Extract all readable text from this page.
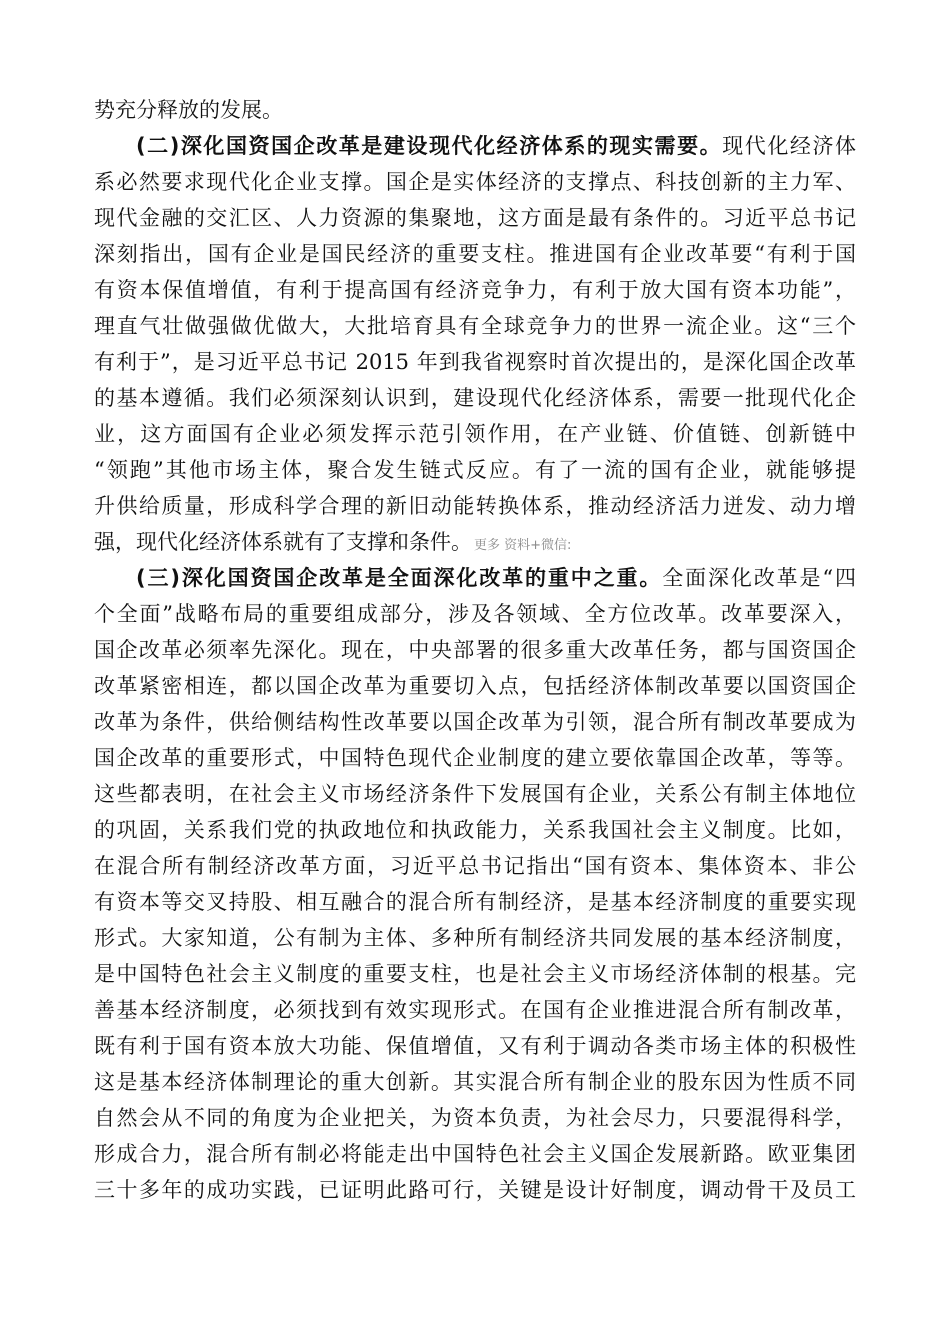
势充分释放的发展。
(二)深化国资国企改革是建设现代化经济体系的现实需要。现代化经济体
系必然要求现代化企业支撑。国企是实体经济的支撑点、科技创新的主力军、
现代金融的交汇区、人力资源的集聚地，这方面是最有条件的。习近平总书记
深刻指出，国有企业是国民经济的重要支柱。推进国有企业改革要“有利于国
有资本保值增值，有利于提高国有经济竞争力，有利于放大国有资本功能”，
理直气壮做强做优做大，大批培育具有全球竞争力的世界一流企业。这“三个
有利于”，是习近平总书记 2015 年到我省视察时首次提出的，是深化国企改革
的基本遵循。我们必须深刻认识到，建设现代化经济体系，需要一批现代化企
业，这方面国有企业必须发挥示范引领作用，在产业链、价值链、创新链中
“领跑”其他市场主体，聚合发生链式反应。有了一流的国有企业，就能够提
升供给质量，形成科学合理的新旧动能转换体系，推动经济活力迸发、动力增
强，现代化经济体系就有了支撑和条件。 更多 资料+微信:
(三)深化国资国企改革是全面深化改革的重中之重。全面深化改革是“四
个全面”战略布局的重要组成部分，涉及各领域、全方位改革。改革要深入，
国企改革必须率先深化。现在，中央部署的很多重大改革任务，都与国资国企
改革紧密相连，都以国企改革为重要切入点，包括经济体制改革要以国资国企
改革为条件，供给侧结构性改革要以国企改革为引领，混合所有制改革要成为
国企改革的重要形式，中国特色现代企业制度的建立要依靠国企改革，等等。
这些都表明，在社会主义市场经济条件下发展国有企业，关系公有制主体地位
的巩固，关系我们党的执政地位和执政能力，关系我国社会主义制度。比如，
在混合所有制经济改革方面，习近平总书记指出“国有资本、集体资本、非公
有资本等交叉持股、相互融合的混合所有制经济，是基本经济制度的重要实现
形式。大家知道，公有制为主体、多种所有制经济共同发展的基本经济制度，
是中国特色社会主义制度的重要支柱，也是社会主义市场经济体制的根基。完
善基本经济制度，必须找到有效实现形式。在国有企业推进混合所有制改革，
既有利于国有资本放大功能、保值增值，又有利于调动各类市场主体的积极性
这是基本经济体制理论的重大创新。其实混合所有制企业的股东因为性质不同
自然会从不同的角度为企业把关，为资本负责，为社会尽力，只要混得科学，
形成合力，混合所有制必将能走出中国特色社会主义国企发展新路。欧亚集团
三十多年的成功实践，已证明此路可行，关键是设计好制度，调动骨干及员工
